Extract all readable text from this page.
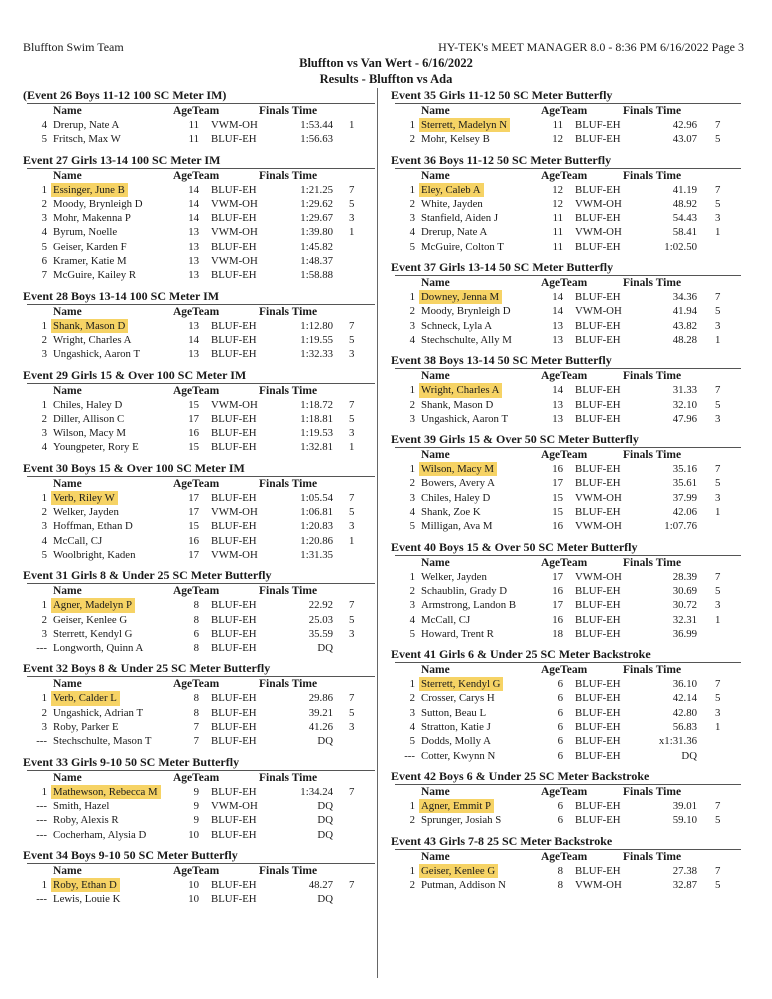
Bluffton Swim Team	HY-TEK's MEET MANAGER 8.0 - 8:36 PM 6/16/2022 Page 3
Bluffton vs Van Wert - 6/16/2022
Results - Bluffton vs Ada
(Event 26 Boys 11-12 100 SC Meter IM)
Name	AgeTeam	Finals Time
4 Drerup, Nate A	11 VWM-OH	1:53.44 1
5 Fritsch, Max W	11 BLUF-EH	1:56.63
Event 27 Girls 13-14 100 SC Meter IM
Name	AgeTeam	Finals Time
1 Essinger, June B	14 BLUF-EH	1:21.25 7
2 Moody, Brynleigh D	14 VWM-OH	1:29.62 5
3 Mohr, Makenna P	14 BLUF-EH	1:29.67 3
4 Byrum, Noelle	13 VWM-OH	1:39.80 1
5 Geiser, Karden F	13 BLUF-EH	1:45.82
6 Kramer, Katie M	13 VWM-OH	1:48.37
7 McGuire, Kailey R	13 BLUF-EH	1:58.88
Event 28 Boys 13-14 100 SC Meter IM
Name	AgeTeam	Finals Time
1 Shank, Mason D	13 BLUF-EH	1:12.80 7
2 Wright, Charles A	14 BLUF-EH	1:19.55 5
3 Ungashick, Aaron T	13 BLUF-EH	1:32.33 3
Event 29 Girls 15 & Over 100 SC Meter IM
Name	AgeTeam	Finals Time
1 Chiles, Haley D	15 VWM-OH	1:18.72 7
2 Diller, Allison C	17 BLUF-EH	1:18.81 5
3 Wilson, Macy M	16 BLUF-EH	1:19.53 3
4 Youngpeter, Rory E	15 BLUF-EH	1:32.81 1
Event 30 Boys 15 & Over 100 SC Meter IM
Name	AgeTeam	Finals Time
1 Verb, Riley W	17 BLUF-EH	1:05.54 7
2 Welker, Jayden	17 VWM-OH	1:06.81 5
3 Hoffman, Ethan D	15 BLUF-EH	1:20.83 3
4 McCall, CJ	16 BLUF-EH	1:20.86 1
5 Woolbright, Kaden	17 VWM-OH	1:31.35
Event 31 Girls 8 & Under 25 SC Meter Butterfly
Name	AgeTeam	Finals Time
1 Agner, Madelyn P	8 BLUF-EH	22.92 7
2 Geiser, Kenlee G	8 BLUF-EH	25.03 5
3 Sterrett, Kendyl G	6 BLUF-EH	35.59 3
--- Longworth, Quinn A	8 BLUF-EH	DQ
Event 32 Boys 8 & Under 25 SC Meter Butterfly
Name	AgeTeam	Finals Time
1 Verb, Calder L	8 BLUF-EH	29.86 7
2 Ungashick, Adrian T	8 BLUF-EH	39.21 5
3 Roby, Parker E	7 BLUF-EH	41.26 3
--- Stechschulte, Mason T	7 BLUF-EH	DQ
Event 33 Girls 9-10 50 SC Meter Butterfly
Name	AgeTeam	Finals Time
1 Mathewson, Rebecca M	9 BLUF-EH	1:34.24 7
--- Smith, Hazel	9 VWM-OH	DQ
--- Roby, Alexis R	9 BLUF-EH	DQ
--- Cocherham, Alysia D	10 BLUF-EH	DQ
Event 34 Boys 9-10 50 SC Meter Butterfly
Name	AgeTeam	Finals Time
1 Roby, Ethan D	10 BLUF-EH	48.27 7
--- Lewis, Louie K	10 BLUF-EH	DQ
Event 35 Girls 11-12 50 SC Meter Butterfly
Name	AgeTeam	Finals Time
1 Sterrett, Madelyn N	11 BLUF-EH	42.96 7
2 Mohr, Kelsey B	12 BLUF-EH	43.07 5
Event 36 Boys 11-12 50 SC Meter Butterfly
Name	AgeTeam	Finals Time
1 Eley, Caleb A	12 BLUF-EH	41.19 7
2 White, Jayden	12 VWM-OH	48.92 5
3 Stanfield, Aiden J	11 BLUF-EH	54.43 3
4 Drerup, Nate A	11 VWM-OH	58.41 1
5 McGuire, Colton T	11 BLUF-EH	1:02.50
Event 37 Girls 13-14 50 SC Meter Butterfly
Name	AgeTeam	Finals Time
1 Downey, Jenna M	14 BLUF-EH	34.36 7
2 Moody, Brynleigh D	14 VWM-OH	41.94 5
3 Schneck, Lyla A	13 BLUF-EH	43.82 3
4 Stechschulte, Ally M	13 BLUF-EH	48.28 1
Event 38 Boys 13-14 50 SC Meter Butterfly
Name	AgeTeam	Finals Time
1 Wright, Charles A	14 BLUF-EH	31.33 7
2 Shank, Mason D	13 BLUF-EH	32.10 5
3 Ungashick, Aaron T	13 BLUF-EH	47.96 3
Event 39 Girls 15 & Over 50 SC Meter Butterfly
Name	AgeTeam	Finals Time
1 Wilson, Macy M	16 BLUF-EH	35.16 7
2 Bowers, Avery A	17 BLUF-EH	35.61 5
3 Chiles, Haley D	15 VWM-OH	37.99 3
4 Shank, Zoe K	15 BLUF-EH	42.06 1
5 Milligan, Ava M	16 VWM-OH	1:07.76
Event 40 Boys 15 & Over 50 SC Meter Butterfly
Name	AgeTeam	Finals Time
1 Welker, Jayden	17 VWM-OH	28.39 7
2 Schaublin, Grady D	16 BLUF-EH	30.69 5
3 Armstrong, Landon B	17 BLUF-EH	30.72 3
4 McCall, CJ	16 BLUF-EH	32.31 1
5 Howard, Trent R	18 BLUF-EH	36.99
Event 41 Girls 6 & Under 25 SC Meter Backstroke
Name	AgeTeam	Finals Time
1 Sterrett, Kendyl G	6 BLUF-EH	36.10 7
2 Crosser, Carys H	6 BLUF-EH	42.14 5
3 Sutton, Beau L	6 BLUF-EH	42.80 3
4 Stratton, Katie J	6 BLUF-EH	56.83 1
5 Dodds, Molly A	6 BLUF-EH	x1:31.36
--- Cotter, Kwynn N	6 BLUF-EH	DQ
Event 42 Boys 6 & Under 25 SC Meter Backstroke
Name	AgeTeam	Finals Time
1 Agner, Emmit P	6 BLUF-EH	39.01 7
2 Sprunger, Josiah S	6 BLUF-EH	59.10 5
Event 43 Girls 7-8 25 SC Meter Backstroke
Name	AgeTeam	Finals Time
1 Geiser, Kenlee G	8 BLUF-EH	27.38 7
2 Putman, Addison N	8 VWM-OH	32.87 5
